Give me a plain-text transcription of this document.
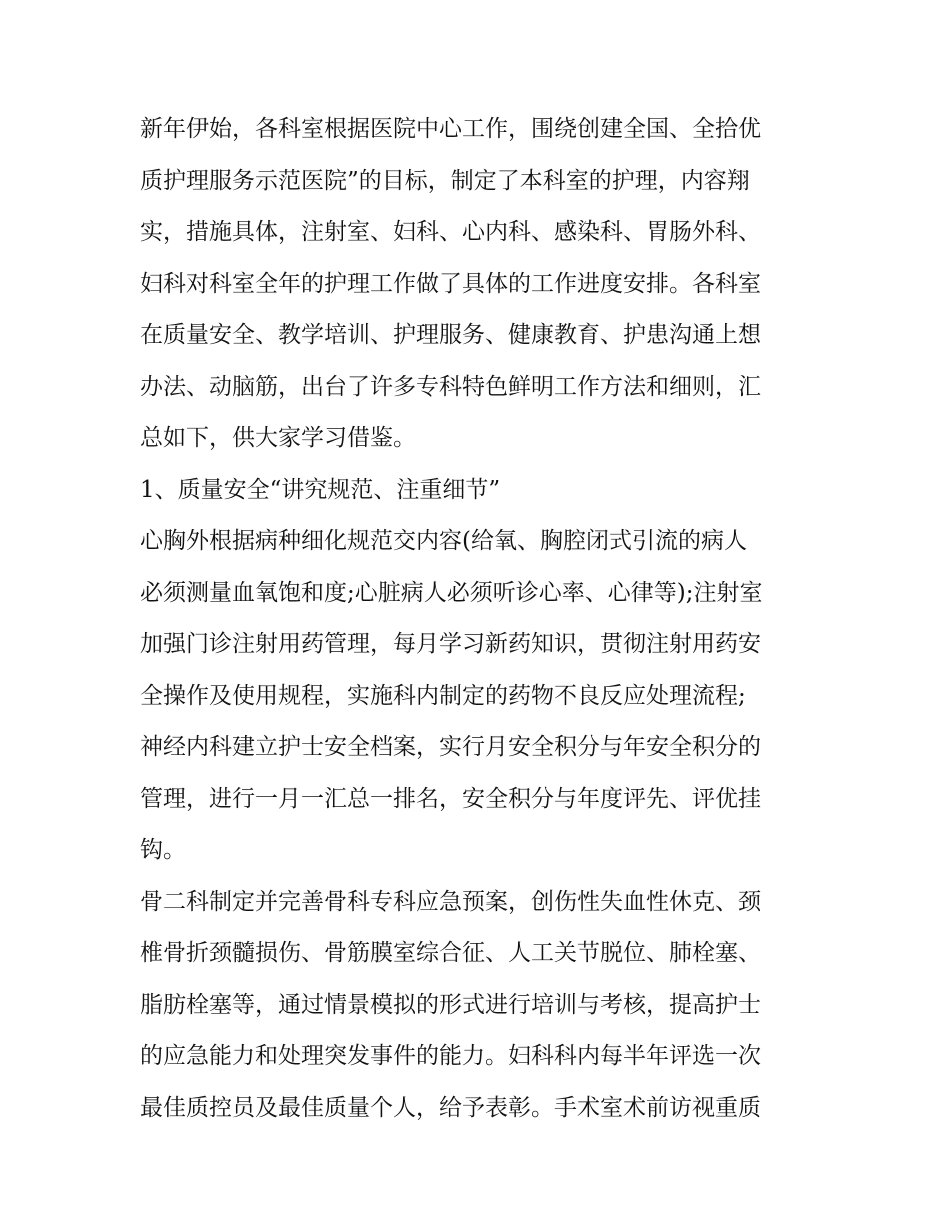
新年伊始，各科室根据医院中心工作，围绕创建全国、全拾优
质护理服务示范医院”的目标，制定了本科室的护理，内容翔
实，措施具体，注射室、妇科、心内科、感染科、胃肠外科、
妇科对科室全年的护理工作做了具体的工作进度安排。各科室
在质量安全、教学培训、护理服务、健康教育、护患沟通上想
办法、动脑筋，出台了许多专科特色鲜明工作方法和细则，汇
总如下，供大家学习借鉴。
1、质量安全“讲究规范、注重细节”
心胸外根据病种细化规范交内容(给氧、胸腔闭式引流的病人
必须测量血氧饱和度;心脏病人必须听诊心率、心律等);注射室
加强门诊注射用药管理，每月学习新药知识，贯彻注射用药安
全操作及使用规程，实施科内制定的药物不良反应处理流程;
神经内科建立护士安全档案，实行月安全积分与年安全积分的
管理，进行一月一汇总一排名，安全积分与年度评先、评优挂
钩。
骨二科制定并完善骨科专科应急预案，创伤性失血性休克、颈
椎骨折颈髓损伤、骨筋膜室综合征、人工关节脱位、肺栓塞、
脂肪栓塞等，通过情景模拟的形式进行培训与考核，提高护士
的应急能力和处理突发事件的能力。妇科科内每半年评选一次
最佳质控员及最佳质量个人，给予表彰。手术室术前访视重质
